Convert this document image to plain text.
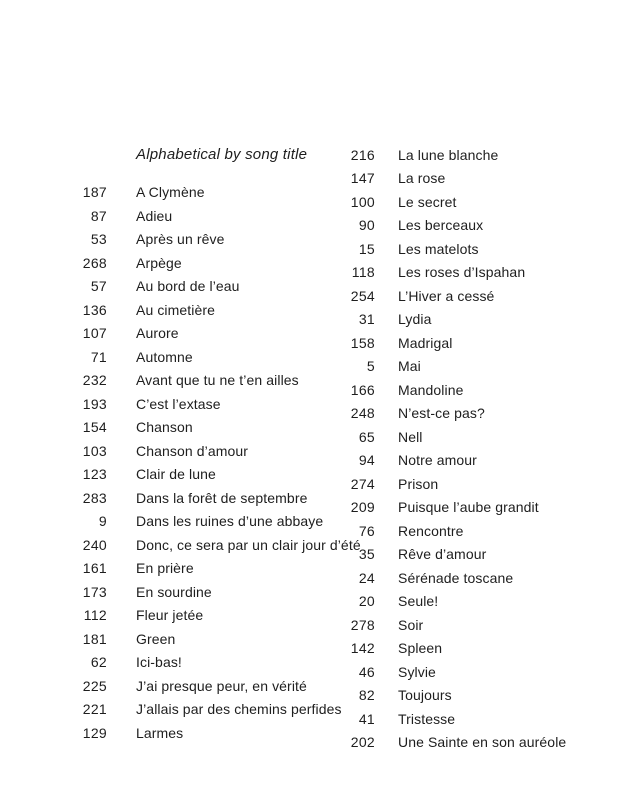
Alphabetical by song title
187 A Clymène
87 Adieu
53 Après un rêve
268 Arpège
57 Au bord de l’eau
136 Au cimetière
107 Aurore
71 Automne
232 Avant que tu ne t’en ailles
193 C’est l’extase
154 Chanson
103 Chanson d’amour
123 Clair de lune
283 Dans la forêt de septembre
9 Dans les ruines d’une abbaye
240 Donc, ce sera par un clair jour d’été
161 En prière
173 En sourdine
112 Fleur jetée
181 Green
62 Ici-bas!
225 J’ai presque peur, en vérité
221 J’allais par des chemins perfides
129 Larmes
216 La lune blanche
147 La rose
100 Le secret
90 Les berceaux
15 Les matelots
118 Les roses d’Ispahan
254 L’Hiver a cessé
31 Lydia
158 Madrigal
5 Mai
166 Mandoline
248 N’est-ce pas?
65 Nell
94 Notre amour
274 Prison
209 Puisque l’aube grandit
76 Rencontre
35 Rêve d’amour
24 Sérénade toscane
20 Seule!
278 Soir
142 Spleen
46 Sylvie
82 Toujours
41 Tristesse
202 Une Sainte en son auréole
